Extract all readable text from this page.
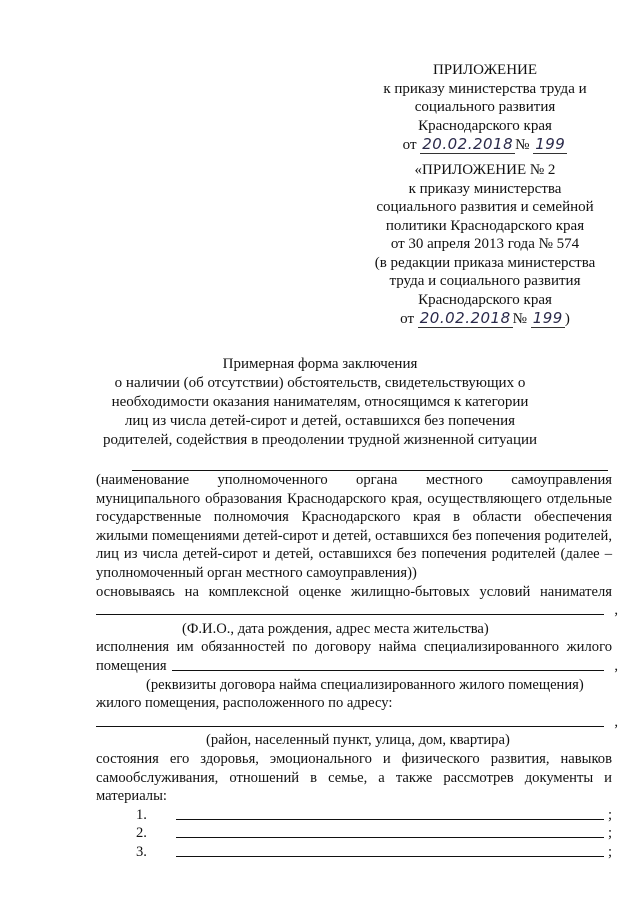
ПРИЛОЖЕНИЕ
к приказу министерства труда и
социального развития
Краснодарского края
от 20.02.2018 № 199
«ПРИЛОЖЕНИЕ № 2
к приказу министерства
социального развития и семейной
политики Краснодарского края
от 30 апреля 2013 года № 574
(в редакции приказа министерства
труда и социального развития
Краснодарского края
от 20.02.2018 № 199 )
Примерная форма заключения
о наличии (об отсутствии) обстоятельств, свидетельствующих о
необходимости оказания нанимателям, относящимся к категории
лиц из числа детей-сирот и детей, оставшихся без попечения
родителей, содействия в преодолении трудной жизненной ситуации
(наименование уполномоченного органа местного самоуправления муниципального образования Краснодарского края, осуществляющего отдельные государственные полномочия Краснодарского края в области обеспечения жилыми помещениями детей-сирот и детей, оставшихся без попечения родителей, лиц из числа детей-сирот и детей, оставшихся без попечения родителей (далее – уполномоченный орган местного самоуправления))
основываясь на комплексной оценке жилищно-бытовых условий нанимателя
,
(Ф.И.О., дата рождения, адрес места жительства)
исполнения им обязанностей по договору найма специализированного жилого
помещения	,
(реквизиты договора найма специализированного жилого помещения)
жилого помещения, расположенного по адресу:
,
(район, населенный пункт, улица, дом, квартира)
состояния его здоровья, эмоционального и физического развития, навыков самообслуживания, отношений в семье, а также рассмотрев документы и материалы:
1.	;
2.	;
3.	;
